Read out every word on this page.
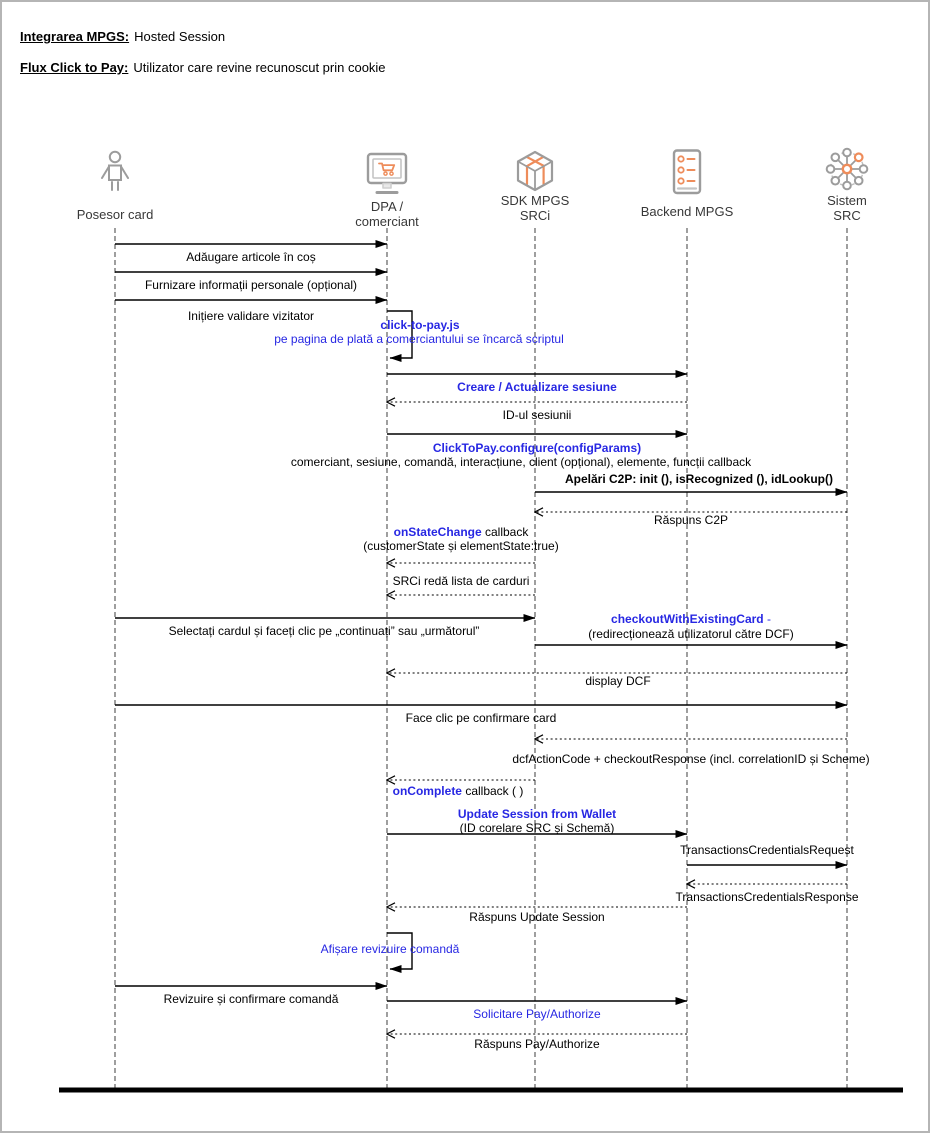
Integrarea MPGS: Hosted Session
Flux Click to Pay: Utilizator care revine recunoscut prin cookie
Adăugare articole în coș
Furnizare informații personale (opțional)
Inițiere validare vizitator
Creare / Actualizare sesiune
ID-ul sesiunii
ClickToPay.configure(configParams)
comerciant, sesiune, comandă, interacțiune, client (opțional), elemente, funcții callback
Apelări C2P: init (), isRecognized (), idLookup()
Răspuns C2P
onStateChange callback
(customerState și elementState:true)
SRCi redă lista de carduri
Selectați cardul și faceți clic pe „continuați” sau „următorul”
checkoutWithExistingCard -
(redirecționează utilizatorul către DCF)
display DCF
Face clic pe confirmare card
dcfActionCode + checkoutResponse (incl. correlationID și Scheme)
onComplete callback ( )
Update Session from Wallet
(ID corelare SRC și Schemă)
TransactionsCredentialsRequest
TransactionsCredentialsResponse
Răspuns Update Session
Revizuire și confirmare comandă
Solicitare Pay/Authorize
Răspuns Pay/Authorize
click-to-pay.js
pe pagina de plată a comerciantului se încarcă scriptul
Afișare revizuire comandă
Posesor card
DPA /
comerciant
SDK MPGS
SRCi	Backend MPGS
Sistem
SRC
